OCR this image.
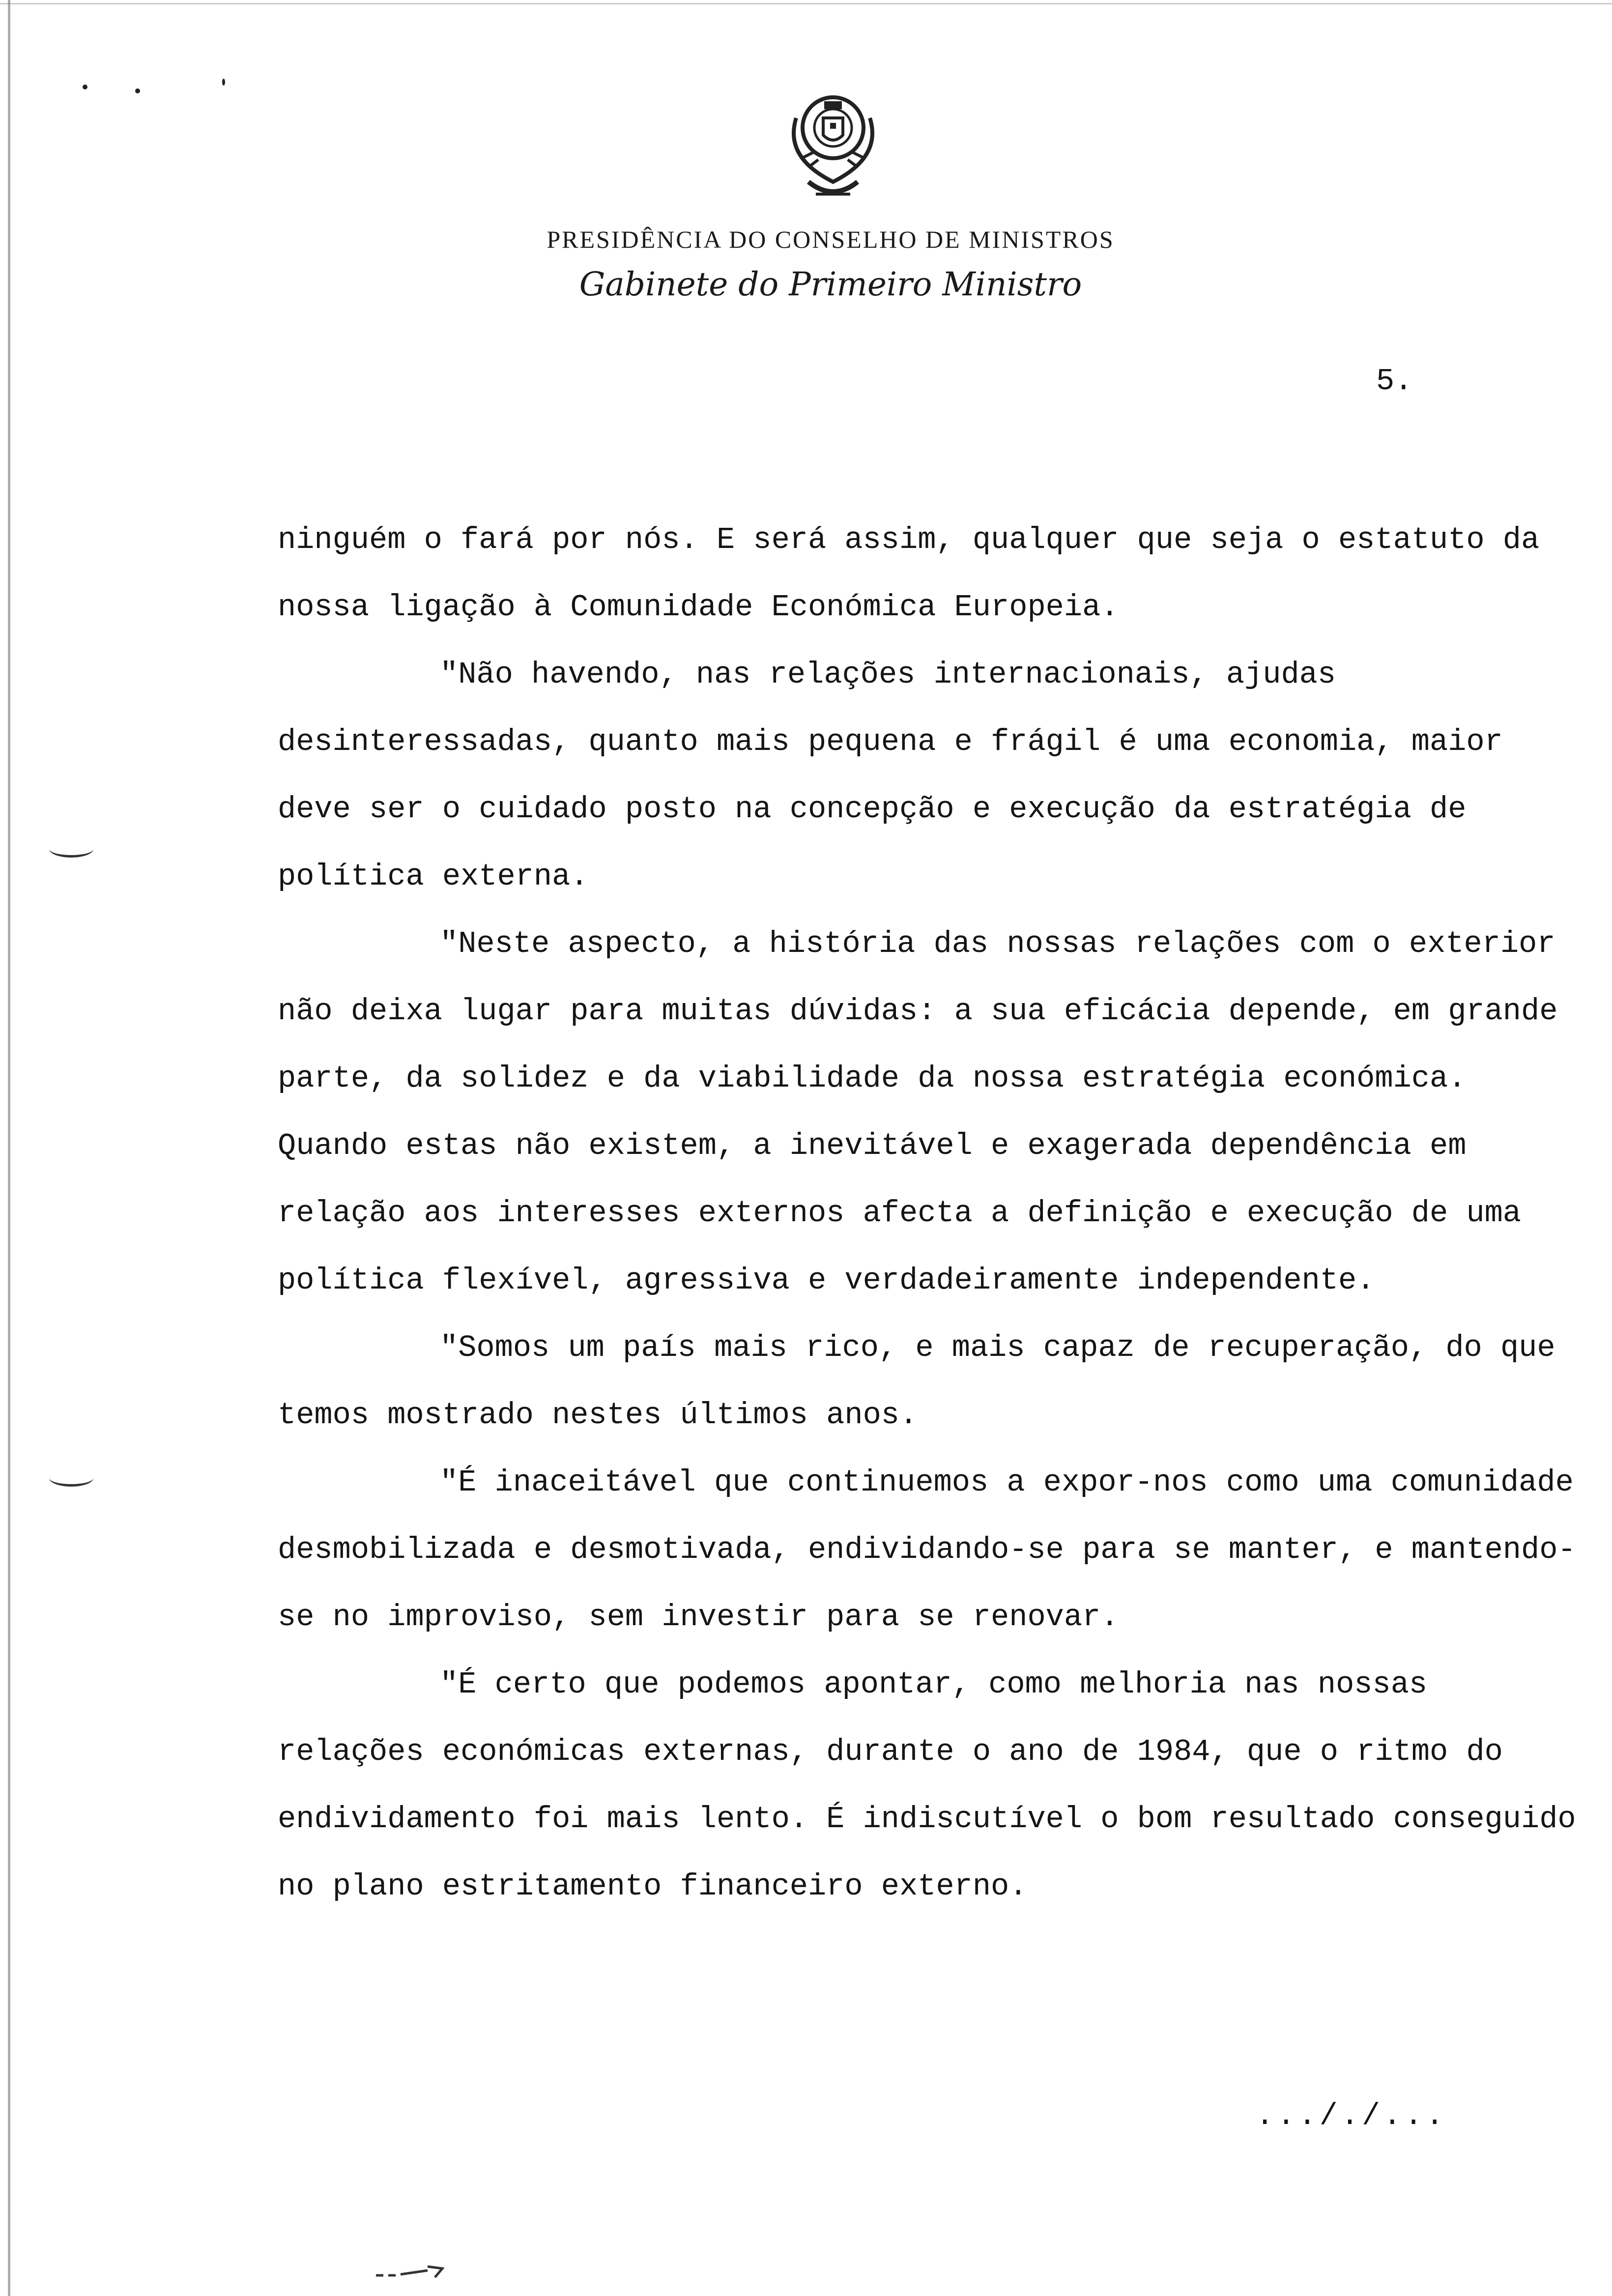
PRESIDÊNCIA DO CONSELHO DE MINISTROS
Gabinete do Primeiro Ministro
5.

ninguém o fará por nós. E será assim, qualquer que seja o estatuto da nossa ligação à Comunidade Económica Europeia.

"Não havendo, nas relações internacionais, ajudas desinteressadas, quanto mais pequena e frágil é uma economia, maior deve ser o cuidado posto na concepção e execução da estratégia de política externa.

"Neste aspecto, a história das nossas relações com o exterior não deixa lugar para muitas dúvidas: a sua eficácia depende, em grande parte, da solidez e da viabilidade da nossa estratégia económica. Quando estas não existem, a inevitável e exagerada dependência em relação aos interesses externos afecta a definição e execução de uma política flexível, agressiva e verdadeiramente independente.

"Somos um país mais rico, e mais capaz de recuperação, do que temos mostrado nestes últimos anos.

"É inaceitável que continuemos a expor-nos como uma comunidade desmobilizada e desmotivada, endividando-se para se manter, e mantendo-se no improviso, sem investir para se renovar.

"É certo que podemos apontar, como melhoria nas nossas relações económicas externas, durante o ano de 1984, que o ritmo do endividamento foi mais lento. É indiscutível o bom resultado conseguido no plano estritamento financeiro externo.

..././...
